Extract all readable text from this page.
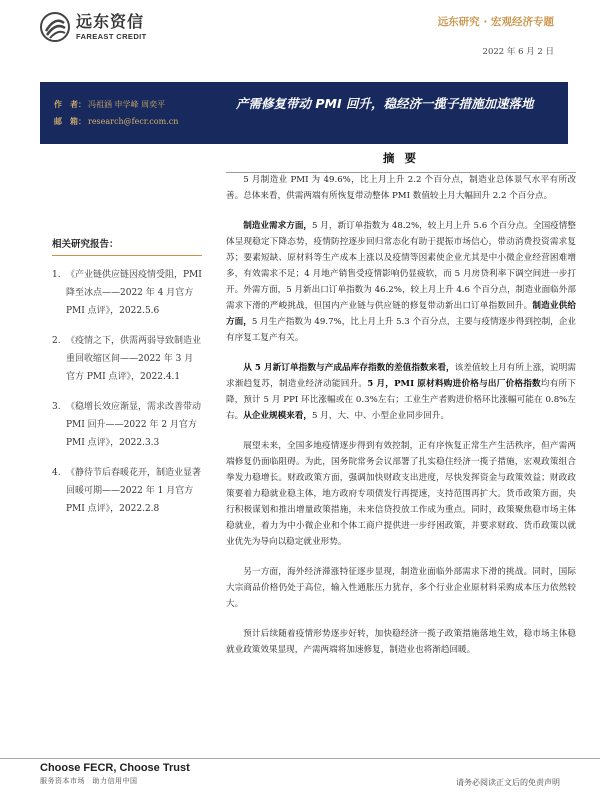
远东资信
FAREAST CREDIT
远东研究 · 宏观经济专题
2022 年 6 月 2 日
作　者： 冯祖涵 申学峰 周奕平
邮　箱： research@fecr.com.cn
产需修复带动 PMI 回升，稳经济一揽子措施加速落地
相关研究报告：
1. 《产业链供应链因疫情受阻，PMI 降至冰点——2022 年 4 月官方 PMI 点评》，2022.5.6
2. 《疫情之下，供需两弱导致制造业重回收缩区间——2022 年 3 月官方 PMI 点评》，2022.4.1
3. 《稳增长效应渐显，需求改善带动 PMI 回升——2022 年 2 月官方 PMI 点评》，2022.3.3
4. 《静待节后春暖花开，制造业显著回暖可期——2022 年 1 月官方 PMI 点评》，2022.2.8
摘 要

5 月制造业 PMI 为 49.6%，比上月上升 2.2 个百分点，制造业总体景气水平有所改善。总体来看，供需两端有所恢复带动整体 PMI 数值较上月大幅回升 2.2 个百分点。

制造业需求方面，5 月，新订单指数为 48.2%，较上月上升 5.6 个百分点。全国疫情整体呈现稳定下降态势，疫情防控逐步回归常态化有助于提振市场信心，带动消费投资需求复苏；要素短缺、原材料等生产成本上涨以及疫情等因素使企业尤其是中小微企业经营困难增多，有效需求不足；4 月地产销售受疫情影响仍显疲软，而 5 月房贷利率下调空间进一步打开。外需方面，5 月新出口订单指数为 46.2%，较上月上升 4.6 个百分点，制造业面临外部需求下滑的严峻挑战，但国内产业链与供应链的修复带动新出口订单指数回升。制造业供给方面，5 月生产指数为 49.7%，比上月上升 5.3 个百分点，主要与疫情逐步得到控制，企业有序复工复产有关。

从 5 月新订单指数与产成品库存指数的差值指数来看，该差值较上月有所上涨，说明需求渐趋复苏，制造业经济动能回升。5 月，PMI 原材料购进价格与出厂价格指数均有所下降，预计 5 月 PPI 环比涨幅或在 0.3%左右；工业生产者购进价格环比涨幅可能在 0.8%左右。从企业规模来看，5 月，大、中、小型企业同步回升。

展望未来，全国多地疫情逐步得到有效控制，正有序恢复正常生产生活秩序，但产需两端修复仍面临阻碍。为此，国务院常务会议部署了扎实稳住经济一揽子措施，宏观政策组合拳发力稳增长。财政政策方面，强调加快财政支出进度，尽快发挥资金与政策效益；财政政策要着力稳就业稳主体，地方政府专项债发行再提速，支持范围再扩大。货币政策方面，央行积极谋划和推出增量政策措施，未来信贷投放工作成为重点。同时，政策聚焦稳市场主体稳就业，着力为中小微企业和个体工商户提供进一步纾困政策，并要求财政、货币政策以就业优先为导向以稳定就业形势。

另一方面，海外经济滞涨特征逐步显现，制造业面临外部需求下滑的挑战。同时，国际大宗商品价格仍处于高位，输入性通胀压力犹存，多个行业企业原材料采购成本压力依然较大。

预计后续随着疫情形势逐步好转，加快稳经济一揽子政策措施落地生效，稳市场主体稳就业政策效果显现，产需两端将加速修复，制造业也将渐趋回暖。

Choose FECR, Choose Trust
服务资本市场　助力信用中国	请务必阅读正文后的免责声明
